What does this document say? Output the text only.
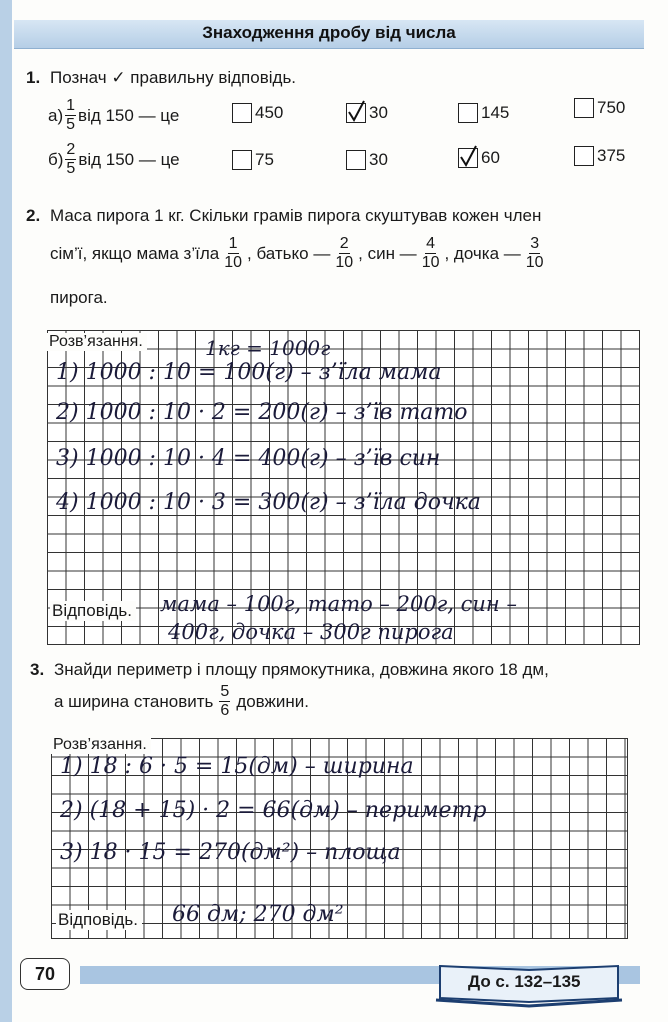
Знаходження дробу від числа
1. Познач ✓ правильну відповідь.
$а) \frac{1}{5}$ від 150 — це	450	30	145	750
$б) \frac{2}{5}$ від 150 — це	75	30	60	375
2. Маса пирога 1 кг. Скільки грамів пирога скуштував кожен член
сім’ї, якщо мама з’їла $\frac{1}{10}$ , батько — $\frac{2}{10}$ , син — $\frac{4}{10}$ , дочка — $\frac{3}{10}$
пирога.
Розв’язання.	1кг = 1000г
1) 1000 : 10 = 100(г) – з’їла мама
2) 1000 : 10 · 2 = 200(г) – з’їв тато
3) 1000 : 10 · 4 = 400(г) – з’їв син
4) 1000 : 10 · 3 = 300(г) – з’їла дочка
Відповідь. мама – 100г, тато – 200г, син –
400г, дочка – 300г пирога
3. Знайди периметр і площу прямокутника, довжина якого 18 дм,
а ширина становить $\frac{5}{6}$ довжини.
Розв’язання.
1) 18 : 6 · 5 = 15(дм) – ширина
2) (18 + 15) · 2 = 66(дм) – периметр
3) 18 · 15 = 270(дм²) – площа
Відповідь. 66 дм; 270 дм²
70	До с. 132–135
